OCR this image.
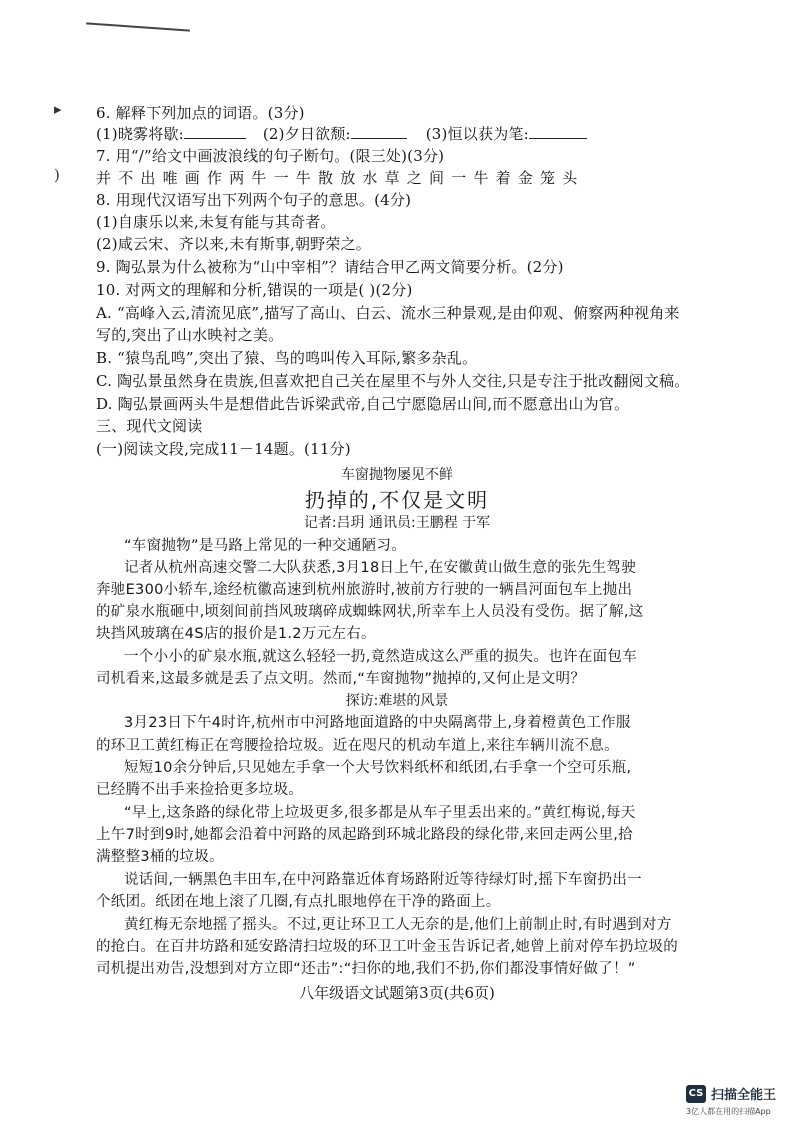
6. 解释下列加点的词语。(3分)
(1)晓雾将歇:	(2)夕日欲颓:	(3)恒以获为笔:
7. 用“/”给文中画波浪线的句子断句。(限三处)(3分)
并不出唯画作两牛一牛散放水草之间一牛着金笼头
8. 用现代汉语写出下列两个句子的意思。(4分)
(1)自康乐以来,未复有能与其奇者。
(2)咸云宋、齐以来,未有斯事,朝野荣之。
9. 陶弘景为什么被称为“山中宰相”？请结合甲乙两文简要分析。(2分)
10. 对两文的理解和分析,错误的一项是( )(2分)
A. “高峰入云,清流见底”,描写了高山、白云、流水三种景观,是由仰观、俯察两种视角来
写的,突出了山水映衬之美。
B. “猿鸟乱鸣”,突出了猿、鸟的鸣叫传入耳际,繁多杂乱。
C. 陶弘景虽然身在贵族,但喜欢把自己关在屋里不与外人交往,只是专注于批改翻阅文稿。
D. 陶弘景画两头牛是想借此告诉梁武帝,自己宁愿隐居山间,而不愿意出山为官。
三、现代文阅读
(一)阅读文段,完成11－14题。(11分)
车窗抛物屡见不鲜
扔掉的,不仅是文明
记者:吕玥 通讯员:王鹏程 于军
“车窗抛物”是马路上常见的一种交通陋习。
记者从杭州高速交警二大队获悉,3月18日上午,在安徽黄山做生意的张先生驾驶
奔驰E300小轿车,途经杭徽高速到杭州旅游时,被前方行驶的一辆昌河面包车上抛出
的矿泉水瓶砸中,顷刻间前挡风玻璃碎成蜘蛛网状,所幸车上人员没有受伤。据了解,这
块挡风玻璃在4S店的报价是1.2万元左右。
一个小小的矿泉水瓶,就这么轻轻一扔,竟然造成这么严重的损失。也许在面包车
司机看来,这最多就是丢了点文明。然而,“车窗抛物”抛掉的,又何止是文明？
探访:难堪的风景
3月23日下午4时许,杭州市中河路地面道路的中央隔离带上,身着橙黄色工作服
的环卫工黄红梅正在弯腰捡拾垃圾。近在咫尺的机动车道上,来往车辆川流不息。
短短10余分钟后,只见她左手拿一个大号饮料纸杯和纸团,右手拿一个空可乐瓶,
已经腾不出手来捡拾更多垃圾。
“早上,这条路的绿化带上垃圾更多,很多都是从车子里丢出来的。”黄红梅说,每天
上午7时到9时,她都会沿着中河路的凤起路到环城北路段的绿化带,来回走两公里,拾
满整整3桶的垃圾。
说话间,一辆黑色丰田车,在中河路靠近体育场路附近等待绿灯时,摇下车窗扔出一
个纸团。纸团在地上滚了几圈,有点扎眼地停在干净的路面上。
黄红梅无奈地摇了摇头。不过,更让环卫工人无奈的是,他们上前制止时,有时遇到对方
的抢白。在百井坊路和延安路清扫垃圾的环卫工叶金玉告诉记者,她曾上前对停车扔垃圾的
司机提出劝告,没想到对方立即“还击”:“扫你的地,我们不扔,你们都没事情好做了！”
八年级语文试题第3页(共6页)
▸
)
CS 扫描全能王
3亿人都在用的扫描App
